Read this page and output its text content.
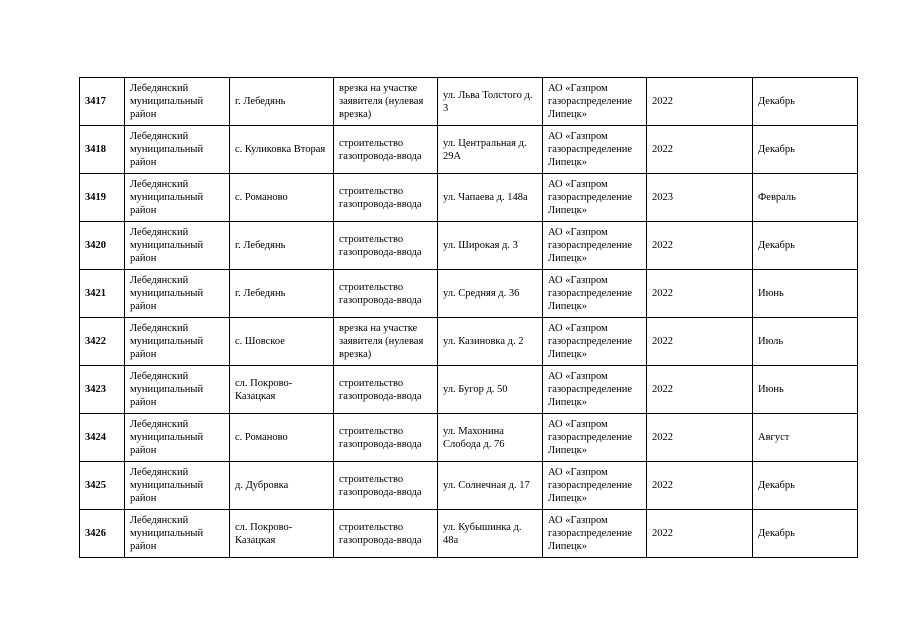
3417	Лебедянский муниципальный район	г. Лебедянь	врезка на участке заявителя (нулевая врезка)	ул. Льва Толстого д. 3	АО «Газпром газораспределение Липецк»	2022	Декабрь
3418	Лебедянский муниципальный район	с. Куликовка Вторая	строительство газопровода-ввода	ул. Центральная д. 29А	АО «Газпром газораспределение Липецк»	2022	Декабрь
3419	Лебедянский муниципальный район	с. Романово	строительство газопровода-ввода	ул. Чапаева д. 148а	АО «Газпром газораспределение Липецк»	2023	Февраль
3420	Лебедянский муниципальный район	г. Лебедянь	строительство газопровода-ввода	ул. Широкая д. 3	АО «Газпром газораспределение Липецк»	2022	Декабрь
3421	Лебедянский муниципальный район	г. Лебедянь	строительство газопровода-ввода	ул. Средняя д. 36	АО «Газпром газораспределение Липецк»	2022	Июнь
3422	Лебедянский муниципальный район	с. Шовское	врезка на участке заявителя (нулевая врезка)	ул. Казиновка д. 2	АО «Газпром газораспределение Липецк»	2022	Июль
3423	Лебедянский муниципальный район	сл. Покрово-Казацкая	строительство газопровода-ввода	ул. Бугор д. 50	АО «Газпром газораспределение Липецк»	2022	Июнь
3424	Лебедянский муниципальный район	с. Романово	строительство газопровода-ввода	ул. Махонина Слобода д. 76	АО «Газпром газораспределение Липецк»	2022	Август
3425	Лебедянский муниципальный район	д. Дубровка	строительство газопровода-ввода	ул. Солнечная д. 17	АО «Газпром газораспределение Липецк»	2022	Декабрь
3426	Лебедянский муниципальный район	сл. Покрово-Казацкая	строительство газопровода-ввода	ул. Кубышинка д. 48а	АО «Газпром газораспределение Липецк»	2022	Декабрь
